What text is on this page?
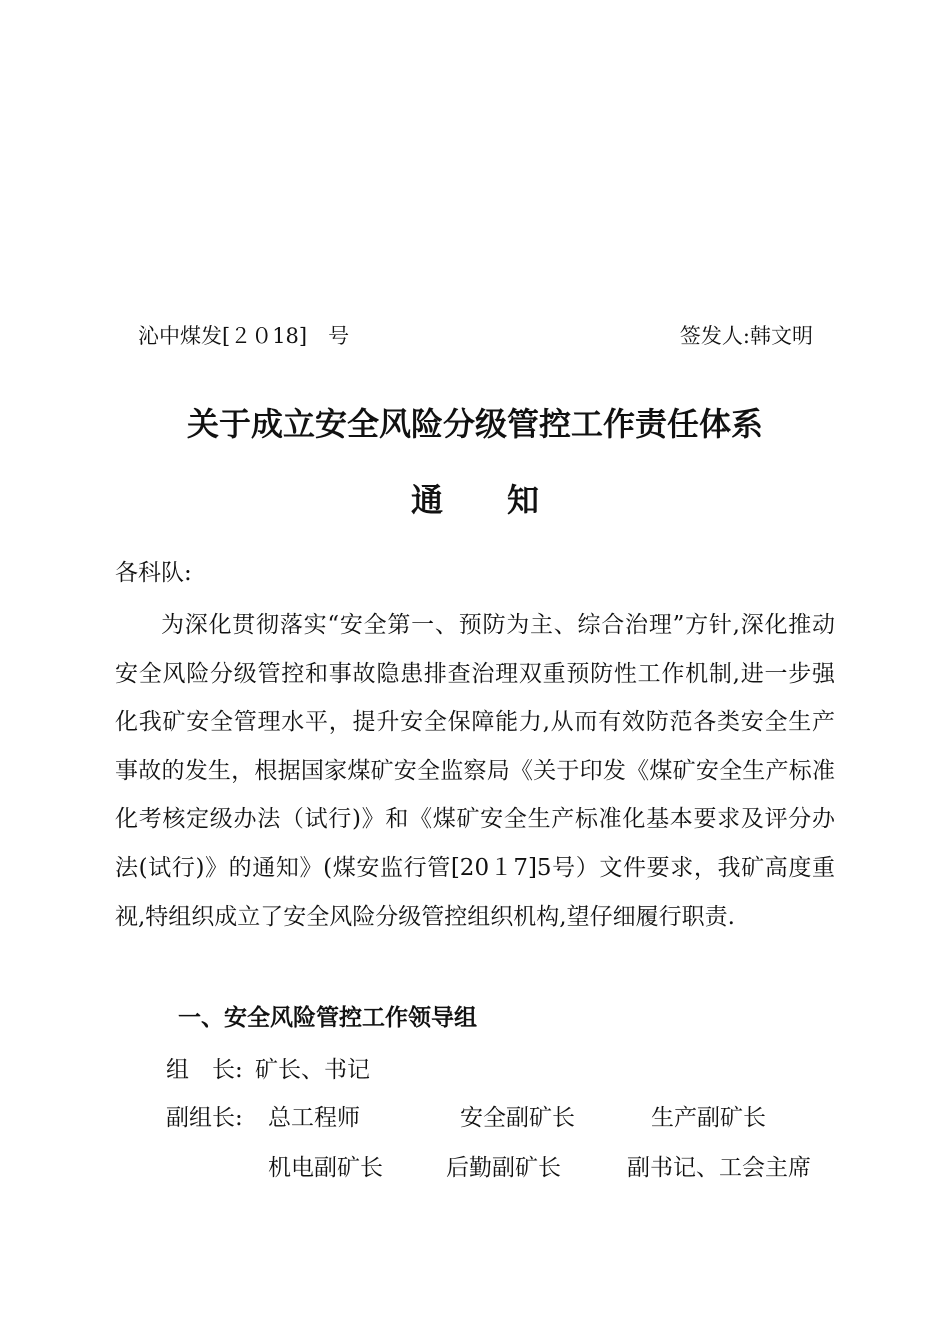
沁中煤发[２０18]　号	签发人:韩文明
关于成立安全风险分级管控工作责任体系
通　　知
各科队:

为深化贯彻落实“安全第一、预防为主、综合治理”方针,深化推动安全风险分级管控和事故隐患排查治理双重预防性工作机制,进一步强化我矿安全管理水平，提升安全保障能力,从而有效防范各类安全生产事故的发生，根据国家煤矿安全监察局《关于印发《煤矿安全生产标准化考核定级办法（试行)》和《煤矿安全生产标准化基本要求及评分办法(试行)》的通知》(煤安监行管[20１7]5号）文件要求，我矿高度重视,特组织成立了安全风险分级管控组织机构,望仔细履行职责.

一、安全风险管控工作领导组
组　长: 矿长、书记
副组长: 总工程师	安全副矿长	生产副矿长
机电副矿长	后勤副矿长	副书记、工会主席
